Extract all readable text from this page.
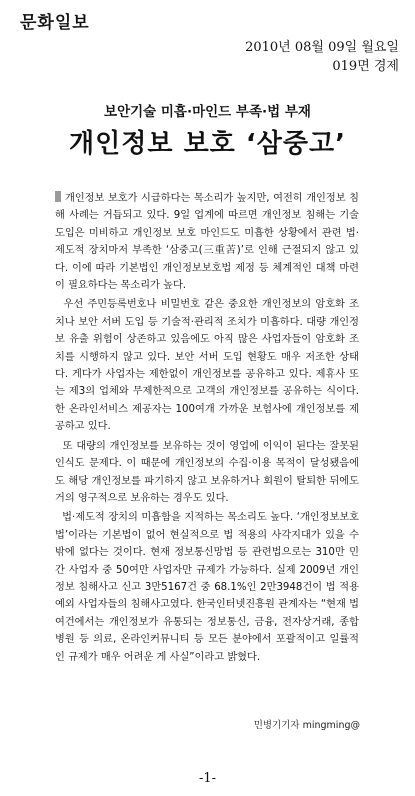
문화일보
2010년 08월 09일 월요일
019면 경제
보안기술 미흡·마인드 부족·법 부재
개인정보 보호 ‘삼중고’

개인정보 보호가 시급하다는 목소리가 높지만, 여전히 개인정보 침해 사례는 거듭되고 있다. 9일 업계에 따르면 개인정보 침해는 기술 도입은 미비하고 개인정보 보호 마인드도 미흡한 상황에서 관련 법·제도적 장치마저 부족한 ‘삼중고(三重苦)’로 인해 근절되지 않고 있다. 이에 따라 기본법인 개인정보보호법 제정 등 체계적인 대책 마련이 필요하다는 목소리가 높다.

우선 주민등록번호나 비밀번호 같은 중요한 개인정보의 암호화 조치나 보안 서버 도입 등 기술적·관리적 조치가 미흡하다. 대량 개인정보 유출 위험이 상존하고 있음에도 아직 많은 사업자들이 암호화 조치를 시행하지 않고 있다. 보안 서버 도입 현황도 매우 저조한 상태다. 게다가 사업자는 제한없이 개인정보를 공유하고 있다. 제휴사 또는 제3의 업체와 무제한적으로 고객의 개인정보를 공유하는 식이다. 한 온라인서비스 제공자는 100여개 가까운 보험사에 개인정보를 제공하고 있다.

또 대량의 개인정보를 보유하는 것이 영업에 이익이 된다는 잘못된 인식도 문제다. 이 때문에 개인정보의 수집·이용 목적이 달성됐음에도 해당 개인정보를 파기하지 않고 보유하거나 회원이 탈퇴한 뒤에도 거의 영구적으로 보유하는 경우도 있다.

법·제도적 장치의 미흡함을 지적하는 목소리도 높다. ‘개인정보보호법’이라는 기본법이 없어 현실적으로 법 적용의 사각지대가 있을 수밖에 없다는 것이다. 현재 정보통신망법 등 관련법으로는 310만 민간 사업자 중 50여만 사업자만 규제가 가능하다. 실제 2009년 개인정보 침해사고 신고 3만5167건 중 68.1%인 2만3948건이 법 적용 예외 사업자들의 침해사고였다. 한국인터넷진흥원 관계자는 “현재 법 여건에서는 개인정보가 유통되는 정보통신, 금융, 전자상거래, 종합병원 등 의료, 온라인커뮤니티 등 모든 분야에서 포괄적이고 일률적인 규제가 매우 어려운 게 사실”이라고 밝혔다.

민병기기자 mingming@
-1-
